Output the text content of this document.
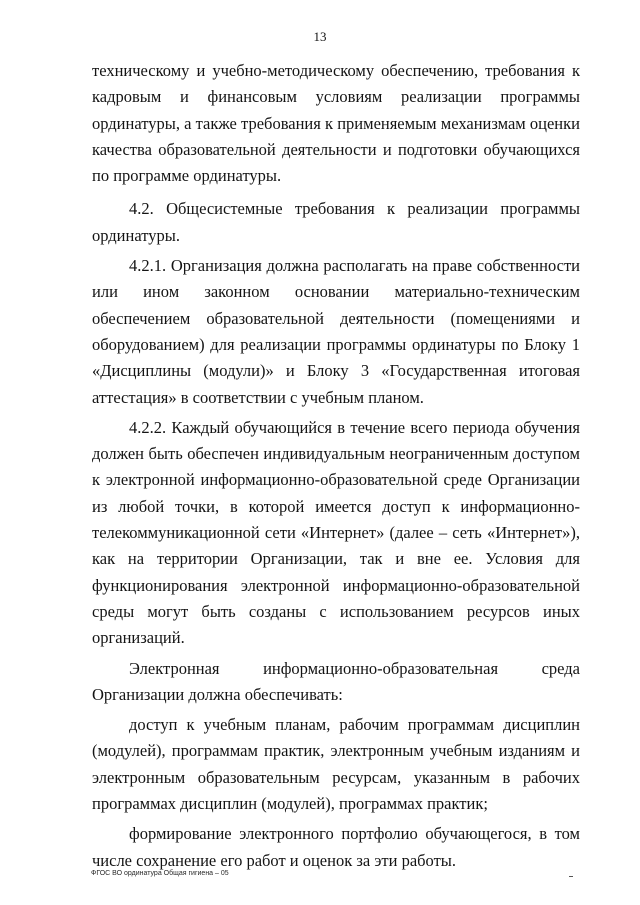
13

техническому и учебно-методическому обеспечению, требования к кадровым и финансовым условиям реализации программы ординатуры, а также требования к применяемым механизмам оценки качества образовательной деятельности и подготовки обучающихся по программе ординатуры.

4.2. Общесистемные требования к реализации программы ординатуры.

4.2.1. Организация должна располагать на праве собственности или ином законном основании материально-техническим обеспечением образовательной деятельности (помещениями и оборудованием) для реализации программы ординатуры по Блоку 1 «Дисциплины (модули)» и Блоку 3 «Государственная итоговая аттестация» в соответствии с учебным планом.

4.2.2. Каждый обучающийся в течение всего периода обучения должен быть обеспечен индивидуальным неограниченным доступом к электронной информационно-образовательной среде Организации из любой точки, в которой имеется доступ к информационно-телекоммуникационной сети «Интернет» (далее – сеть «Интернет»), как на территории Организации, так и вне ее. Условия для функционирования электронной информационно-образовательной среды могут быть созданы с использованием ресурсов иных организаций.

Электронная информационно-образовательная среда Организации должна обеспечивать:

доступ к учебным планам, рабочим программам дисциплин (модулей), программам практик, электронным учебным изданиям и электронным образовательным ресурсам, указанным в рабочих программах дисциплин (модулей), программах практик;

формирование электронного портфолио обучающегося, в том числе сохранение его работ и оценок за эти работы.

ФГОС ВО ординатура Общая гигиена – 05
